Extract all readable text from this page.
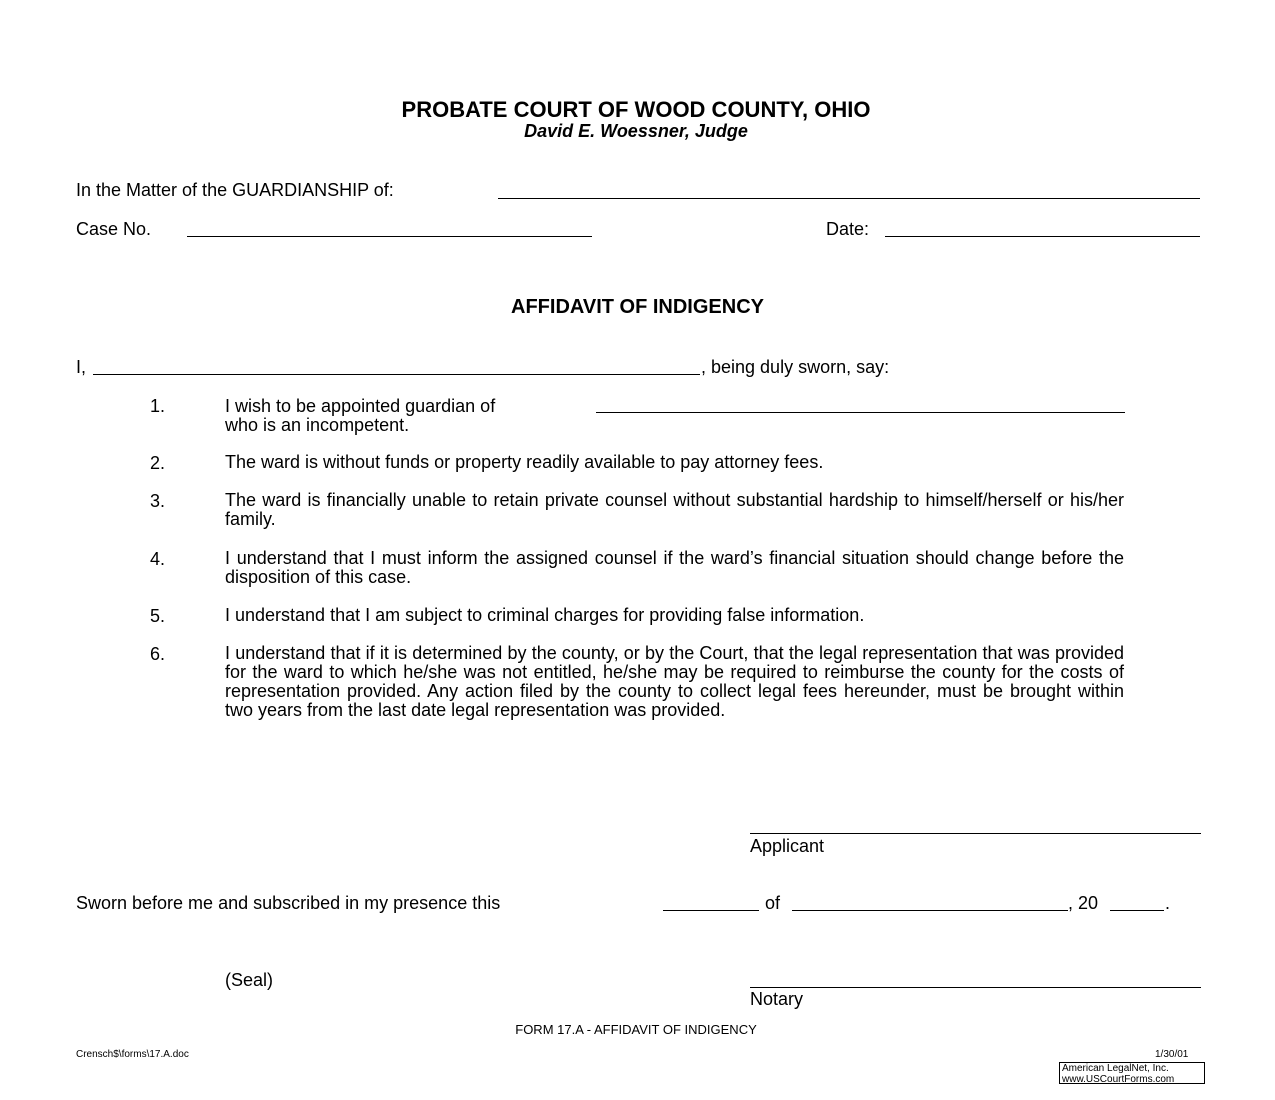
PROBATE COURT OF WOOD COUNTY, OHIO
David E. Woessner, Judge
In the Matter of the GUARDIANSHIP of:
Case No.	Date:
AFFIDAVIT OF INDIGENCY
I,	, being duly sworn, say:
1.	I wish to be appointed guardian of
who is an incompetent.
2.	The ward is without funds or property readily available to pay attorney fees.
3.	The ward is financially unable to retain private counsel without substantial hardship to himself/herself or his/her family.
4.	I understand that I must inform the assigned counsel if the ward’s financial situation should change before the disposition of this case.
5.	I understand that I am subject to criminal charges for providing false information.
6.	I understand that if it is determined by the county, or by the Court, that the legal representation that was provided for the ward to which he/she was not entitled, he/she may be required to reimburse the county for the costs of representation provided. Any action filed by the county to collect legal fees hereunder, must be brought within two years from the last date legal representation was provided.
Applicant
Sworn before me and subscribed in my presence this	of	, 20	.
(Seal)
Notary
FORM 17.A - AFFIDAVIT OF INDIGENCY
Crensch$\forms\17.A.doc	1/30/01
American LegalNet, Inc.
www.USCourtForms.com
